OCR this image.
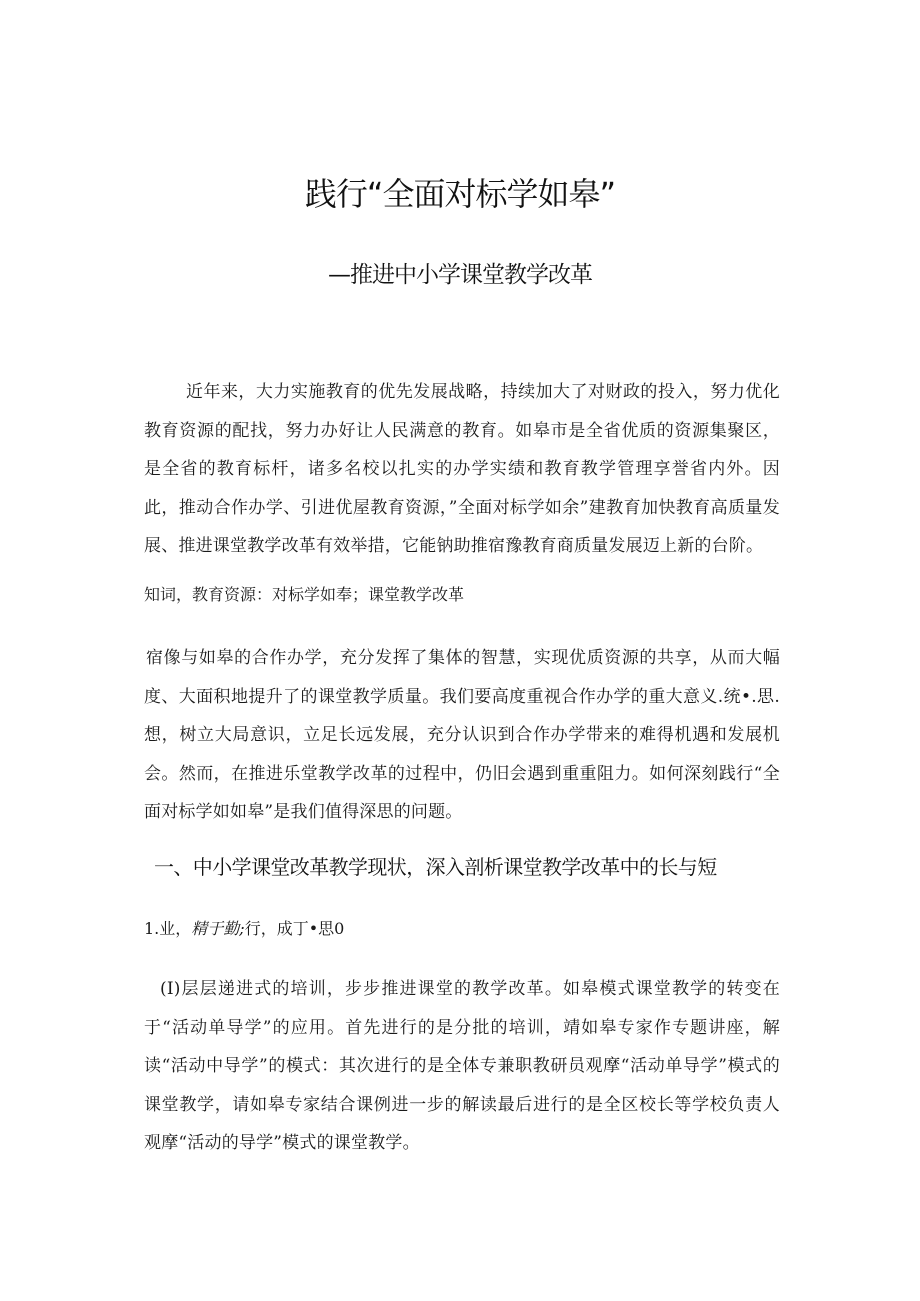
践行“全面对标学如皋”
—推进中小学课堂教学改革

近年来，大力实施教育的优先发展战略，持续加大了对财政的投入，努力优化教育资源的配找，努力办好让人民满意的教育。如皋市是全省优质的资源集聚区，是全省的教育标杆，诸多名校以扎实的办学实绩和教育教学管理享誉省内外。因此，推动合作办学、引进优屋教育资源，”全面对标学如余”建教育加快教育高质量发展、推进课堂教学改革有效举措，它能钠助推宿豫教育商质量发展迈上新的台阶。

知词，教育资源：对标学如奉；课堂教学改革

宿像与如皋的合作办学，充分发挥了集体的智慧，实现优质资源的共享，从而大幅度、大面积地提升了的课堂教学质量。我们要高度重视合作办学的重大意义.统•.思.想，树立大局意识，立足长远发展，充分认识到合作办学带来的难得机遇和发展机会。然而，在推进乐堂教学改革的过程中，仍旧会遇到重重阻力。如何深刻践行“全面对标学如如皋”是我们值得深思的问题。

一、中小学课堂改革教学现状，深入剖析课堂教学改革中的长与短

1.业，精于勤;行，成丁•思0

(I)层层递进式的培训，步步推进课堂的教学改革。如皋模式课堂教学的转变在于“活动单导学”的应用。首先进行的是分批的培训，靖如皋专家作专题讲座，解读“活动中导学”的模式：其次进行的是全体专兼职教研员观摩“活动单导学”模式的课堂教学，请如皋专家结合课例进一步的解读最后进行的是全区校长等学校负责人观摩“活动的导学”模式的课堂教学。
